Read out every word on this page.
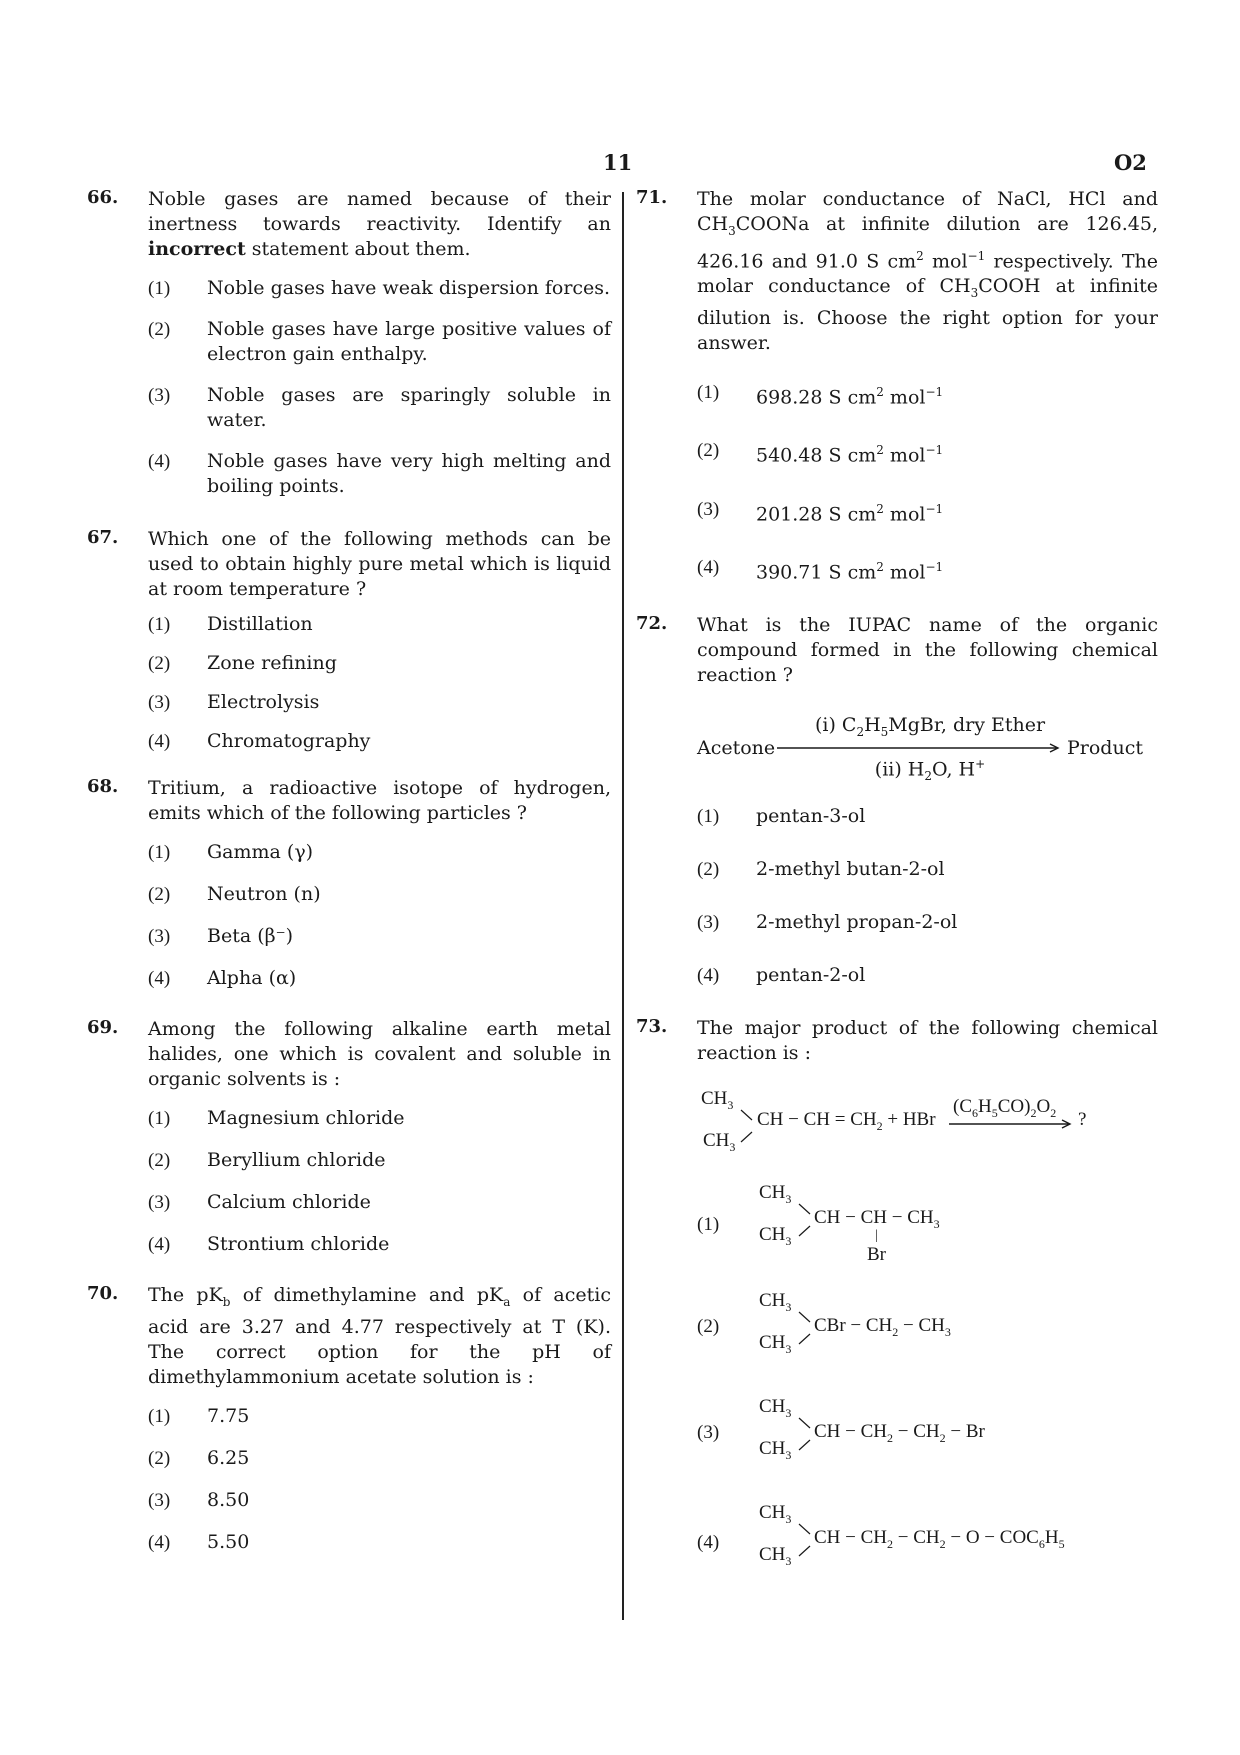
11	O2
66. Noble gases are named because of their inertness towards reactivity. Identify an incorrect statement about them.
(1)	Noble gases have weak dispersion forces.
(2)	Noble gases have large positive values of electron gain enthalpy.
(3)	Noble gases are sparingly soluble in water.
(4)	Noble gases have very high melting and boiling points.
67. Which one of the following methods can be used to obtain highly pure metal which is liquid at room temperature ?
(1)	Distillation
(2)	Zone refining
(3)	Electrolysis
(4)	Chromatography
68. Tritium, a radioactive isotope of hydrogen, emits which of the following particles ?
(1)	Gamma (γ)
(2)	Neutron (n)
(3)	Beta (β⁻)
(4)	Alpha (α)
69. Among the following alkaline earth metal halides, one which is covalent and soluble in organic solvents is :
(1)	Magnesium chloride
(2)	Beryllium chloride
(3)	Calcium chloride
(4)	Strontium chloride
70. The $pK_b$ of dimethylamine and $pK_a$ of acetic acid are 3.27 and 4.77 respectively at T (K). The correct option for the pH of dimethylammonium acetate solution is :
(1)	7.75
(2)	6.25
(3)	8.50
(4)	5.50
71. The molar conductance of NaCl, HCl and $CH_3COONa$ at infinite dilution are 126.45, 426.16 and 91.0 S $cm^2$ mol$^{-1}$ respectively. The molar conductance of $CH_3COOH$ at infinite dilution is. Choose the right option for your answer.
(1)	698.28 S $cm^2$ mol$^{-1}$
(2)	540.48 S $cm^2$ mol$^{-1}$
(3)	201.28 S $cm^2$ mol$^{-1}$
(4)	390.71 S $cm^2$ mol$^{-1}$
72. What is the IUPAC name of the organic compound formed in the following chemical reaction ?
Acetone
(i) $C_2H_5MgBr$, dry Ether
(ii) $H_2O$, H+
Product
(1)	pentan-3-ol
(2)	2-methyl butan-2-ol
(3)	2-methyl propan-2-ol
(4)	pentan-2-ol
73. The major product of the following chemical reaction is :
$CH_3$
$CH_3$
CH − CH = $CH_2$ + HBr
$(C_6H_5CO)_2O_2$ ?
(1)
$CH_3$
$CH_3$
CH − CH − $CH_3$
|
Br
(2)
$CH_3$
$CH_3$
CBr − $CH_2 - CH_3$
(3)
$CH_3$
$CH_3$
CH − $CH_2 - CH_2 - Br$
(4)
$CH_3$
$CH_3$
CH − $CH_2 - CH_2 - O - COC_6H_5$
